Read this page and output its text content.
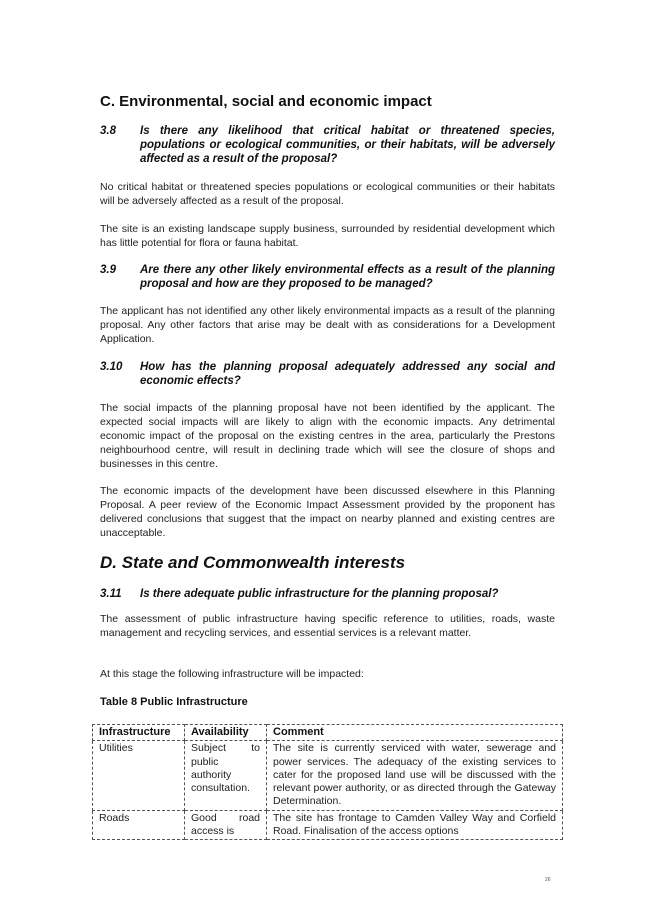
C. Environmental, social and economic impact
3.8 Is there any likelihood that critical habitat or threatened species, populations or ecological communities, or their habitats, will be adversely affected as a result of the proposal?
No critical habitat or threatened species populations or ecological communities or their habitats will be adversely affected as a result of the proposal.
The site is an existing landscape supply business, surrounded by residential development which has little potential for flora or fauna habitat.
3.9 Are there any other likely environmental effects as a result of the planning proposal and how are they proposed to be managed?
The applicant has not identified any other likely environmental impacts as a result of the planning proposal. Any other factors that arise may be dealt with as considerations for a Development Application.
3.10 How has the planning proposal adequately addressed any social and economic effects?
The social impacts of the planning proposal have not been identified by the applicant. The expected social impacts will are likely to align with the economic impacts. Any detrimental economic impact of the proposal on the existing centres in the area, particularly the Prestons neighbourhood centre, will result in declining trade which will see the closure of shops and businesses in this centre.
The economic impacts of the development have been discussed elsewhere in this Planning Proposal. A peer review of the Economic Impact Assessment provided by the proponent has delivered conclusions that suggest that the impact on nearby planned and existing centres are unacceptable.
D. State and Commonwealth interests
3.11 Is there adequate public infrastructure for the planning proposal?
The assessment of public infrastructure having specific reference to utilities, roads, waste management and recycling services, and essential services is a relevant matter.
At this stage the following infrastructure will be impacted:
Table 8 Public Infrastructure
Infrastructure	Availability	Comment
Utilities	Subject to public authority consultation.	The site is currently serviced with water, sewerage and power services. The adequacy of the existing services to cater for the proposed land use will be discussed with the relevant power authority, or as directed through the Gateway Determination.
Roads	Good road access is	The site has frontage to Camden Valley Way and Corfield Road. Finalisation of the access options
26
